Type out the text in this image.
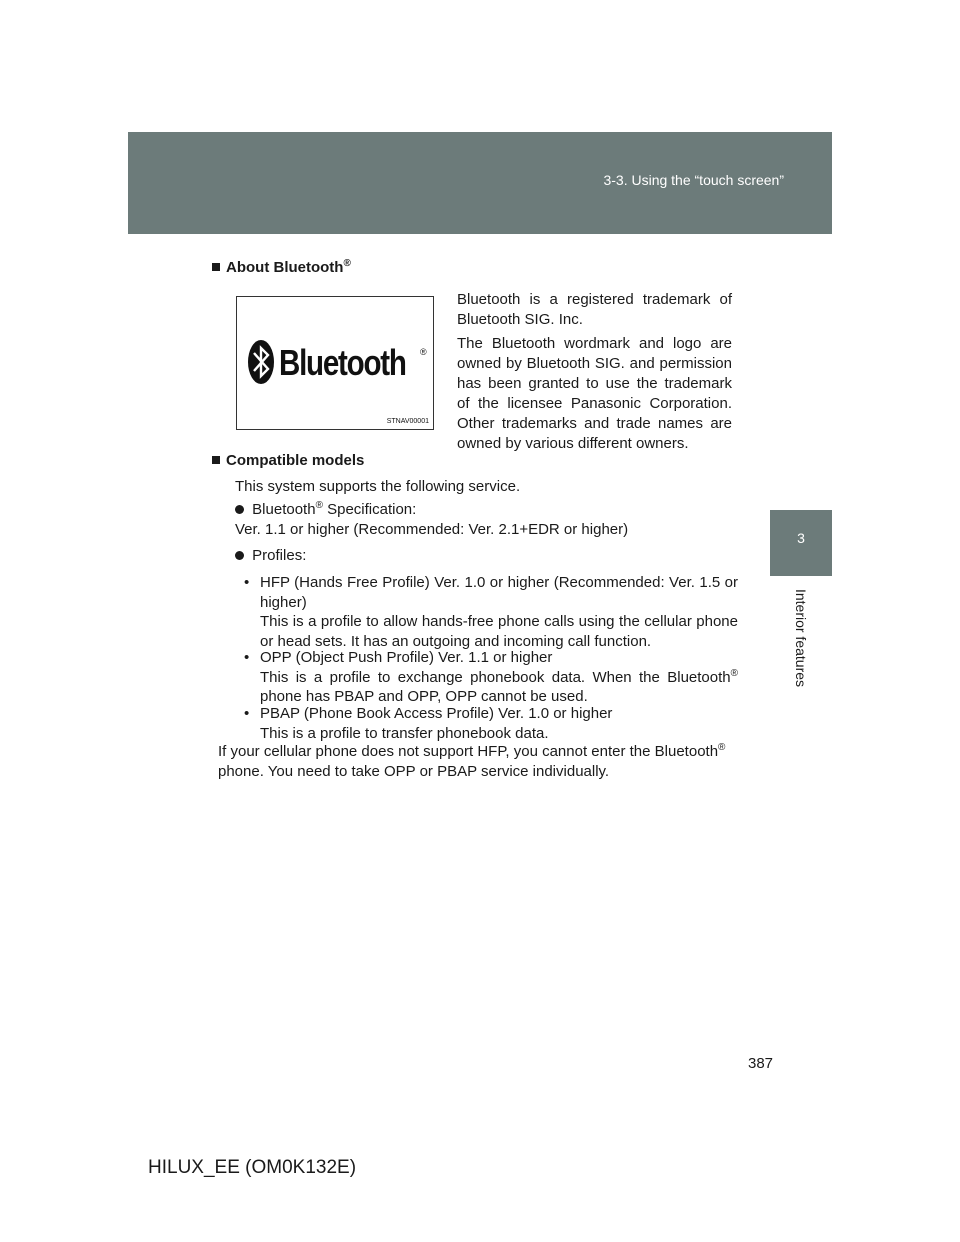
3-3. Using the “touch screen”
3
Interior features
About Bluetooth®
Bluetooth ®
STNAV00001

Bluetooth is a registered trademark of Bluetooth SIG. Inc.

The Bluetooth wordmark and logo are owned by Bluetooth SIG. and permission has been granted to use the trademark of the licensee Panasonic Corporation. Other trademarks and trade names are owned by various different owners.

Compatible models

This system supports the following service.

Bluetooth® Specification:

Ver. 1.1 or higher (Recommended: Ver. 2.1+EDR or higher)

Profiles:
• HFP (Hands Free Profile) Ver. 1.0 or higher (Recommended: Ver. 1.5 or higher)
This is a profile to allow hands-free phone calls using the cellular phone or head sets. It has an outgoing and incoming call function.
• OPP (Object Push Profile) Ver. 1.1 or higher
This is a profile to exchange phonebook data. When the Bluetooth® phone has PBAP and OPP, OPP cannot be used.
• PBAP (Phone Book Access Profile) Ver. 1.0 or higher
This is a profile to transfer phonebook data.

If your cellular phone does not support HFP, you cannot enter the Bluetooth® phone. You need to take OPP or PBAP service individually.

387
HILUX_EE (OM0K132E)
